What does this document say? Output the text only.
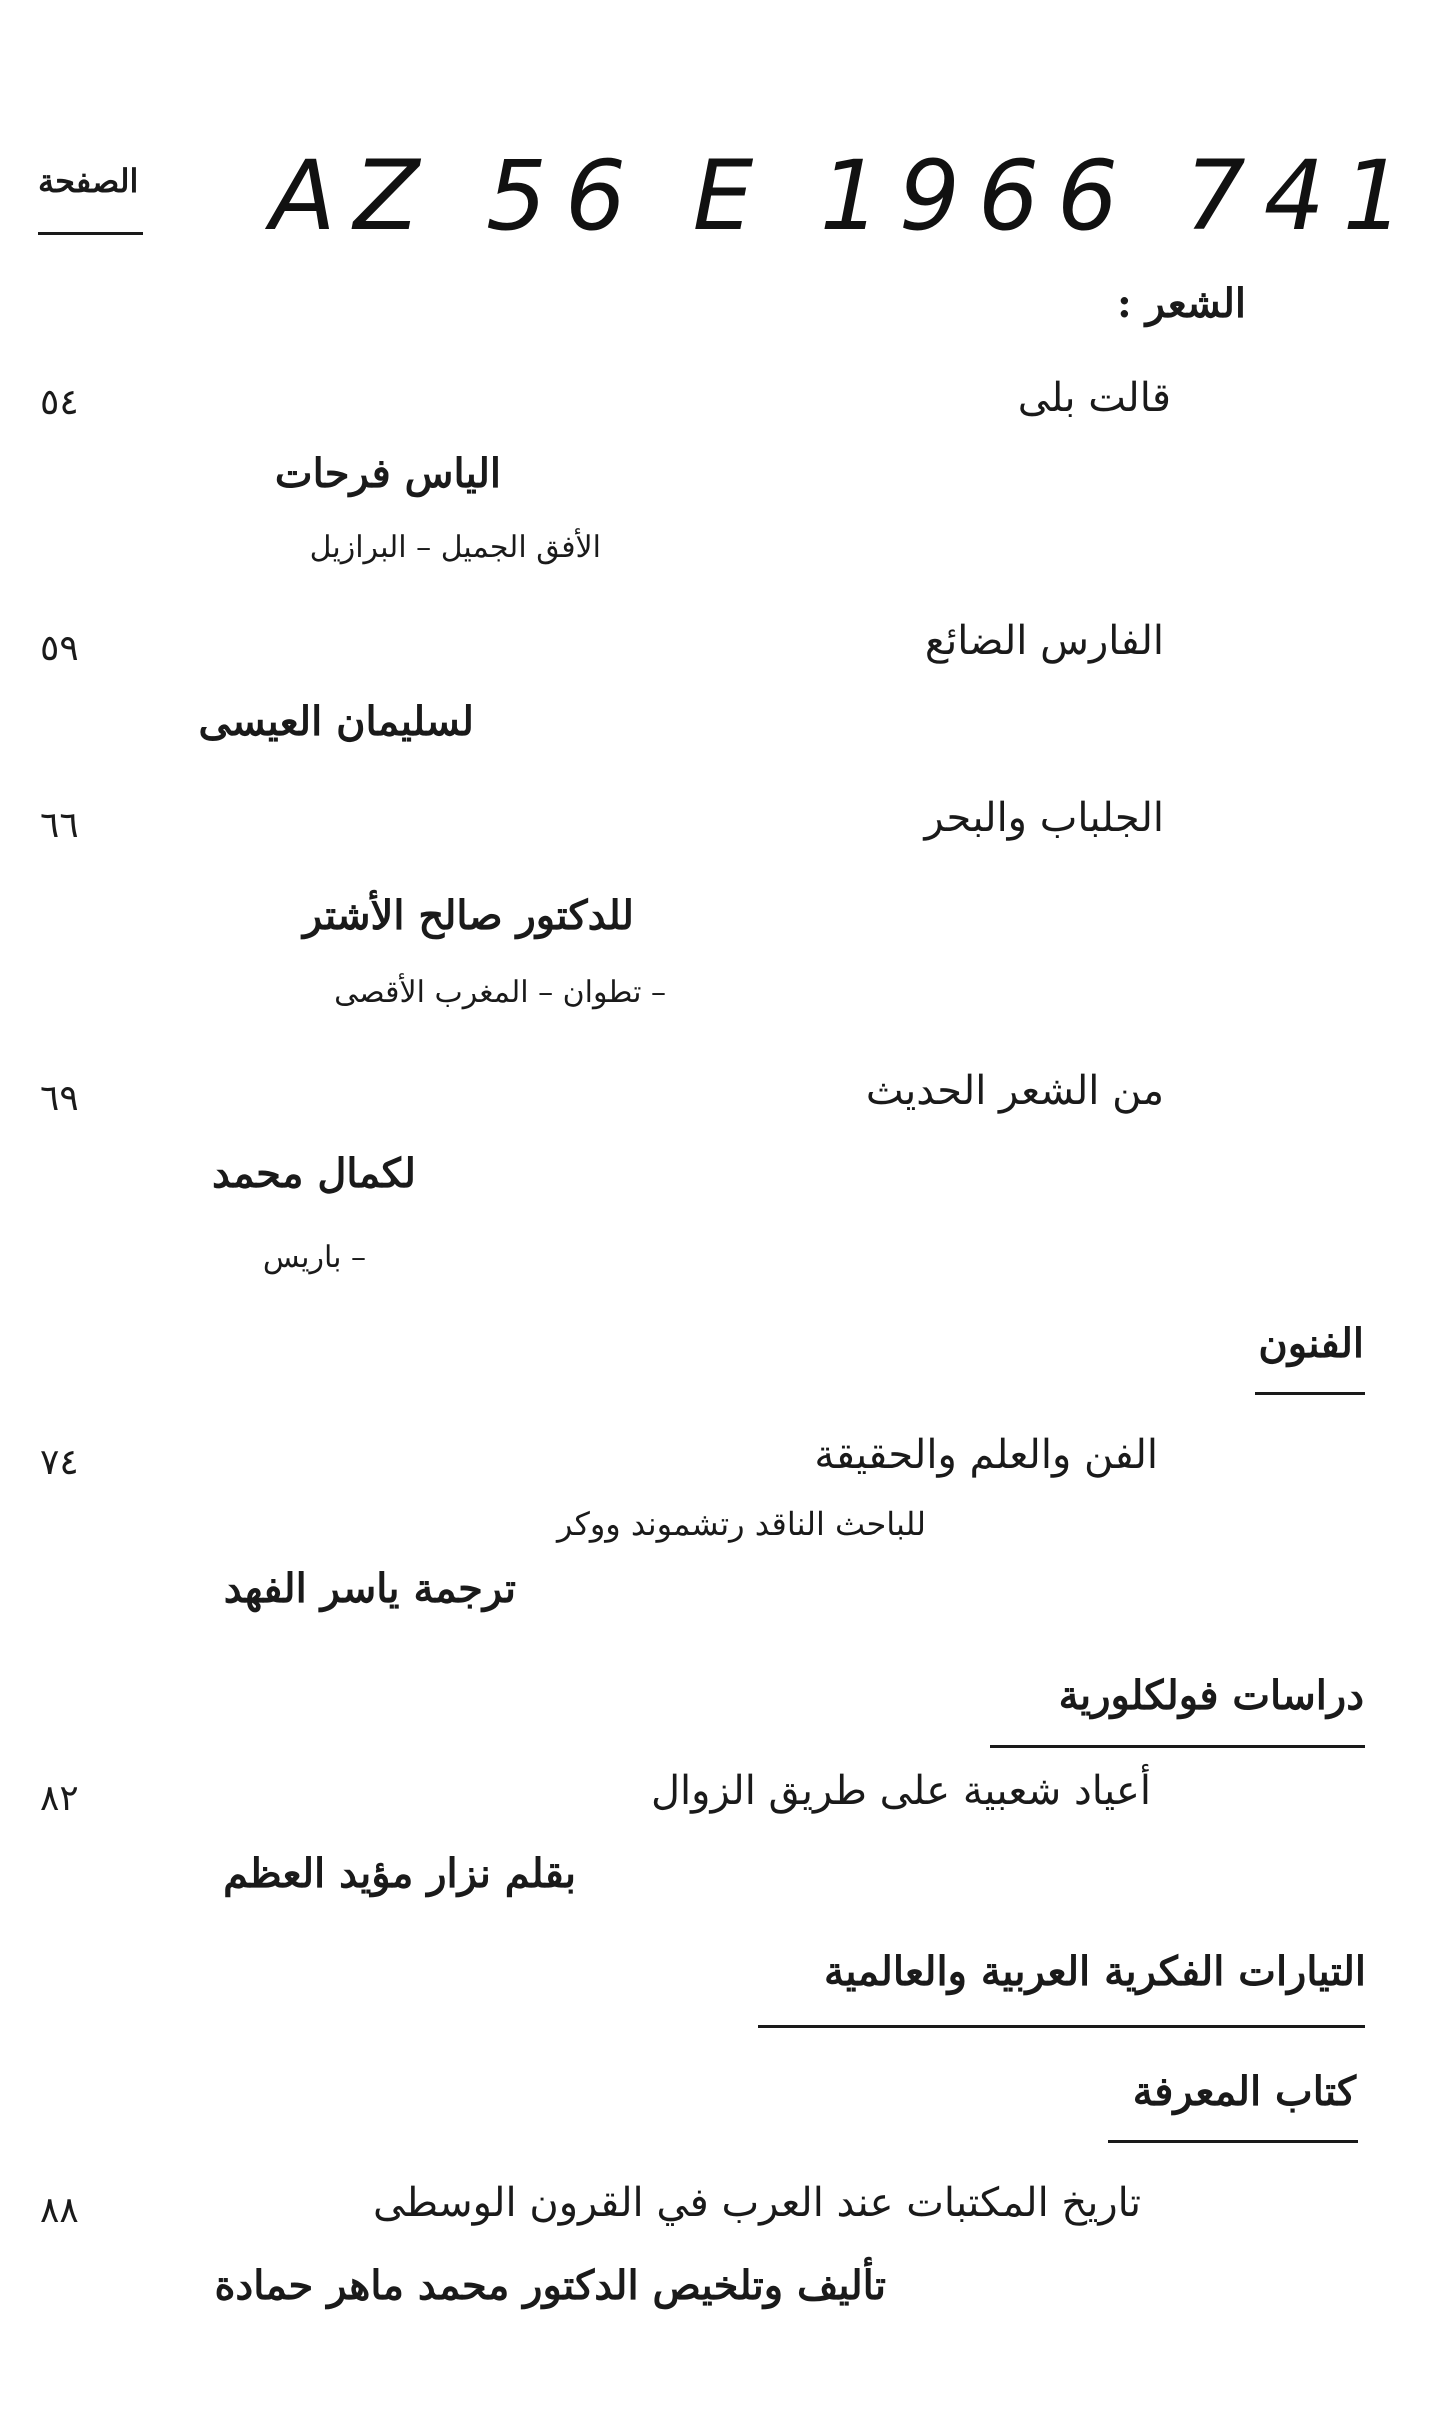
الصفحة AZ 56 E 1966 741
الشعر :
قالت بلى
٥٤
الياس فرحات
الأفق الجميل – البرازيل
الفارس الضائع
٥٩
لسليمان العيسى
الجلباب والبحر
٦٦
للدكتور صالح الأشتر
– تطوان – المغرب الأقصى
من الشعر الحديث
٦٩
لكمال محمد
– باريس
الفنون
الفن والعلم والحقيقة
٧٤
للباحث الناقد رتشموند ووكر
ترجمة ياسر الفهد
دراسات فولكلورية
أعياد شعبية على طريق الزوال
٨٢
بقلم نزار مؤيد العظم
التيارات الفكرية العربية والعالمية
كتاب المعرفة
تاريخ المكتبات عند العرب في القرون الوسطى
٨٨
تأليف وتلخيص الدكتور محمد ماهر حمادة
